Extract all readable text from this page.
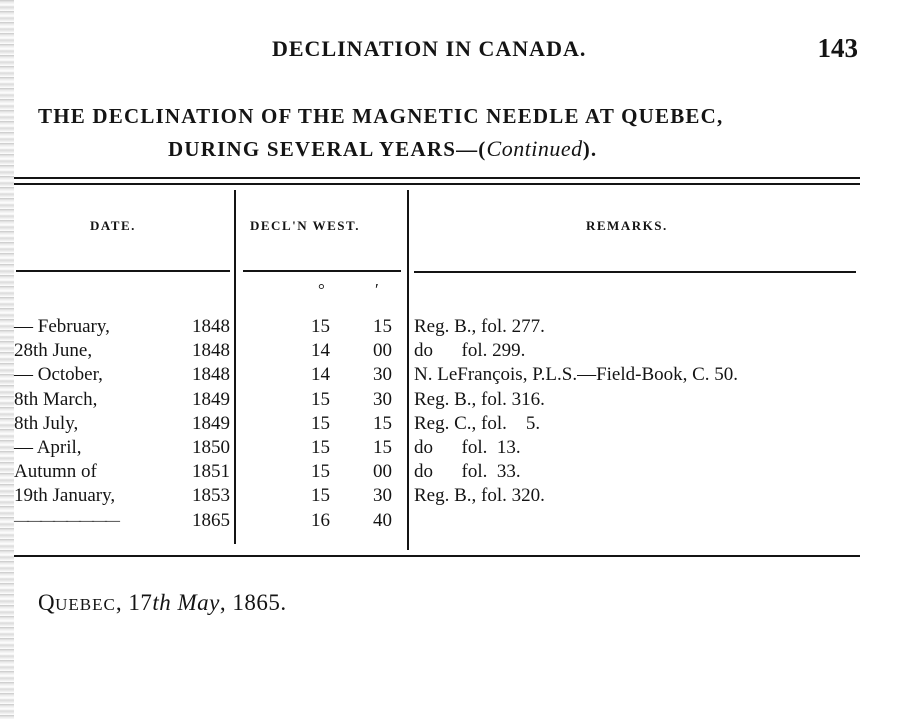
DECLINATION IN CANADA.	143
THE DECLINATION OF THE MAGNETIC NEEDLE AT QUEBEC,
DURING SEVERAL YEARS—(Continued).
DATE.	DECL'N WEST.	REMARKS.
°	′
— February,	1848	15	15 Reg. B., fol. 277.
28th June,	1848	14	00 do      fol. 299.
— October,	1848	14	30 N. LeFrançois, P.L.S.—Field-Book, C. 50.
8th March,	1849	15	30 Reg. B., fol. 316.
8th July,	1849	15	15 Reg. C., fol.    5.
— April,	1850	15	15 do      fol.  13.
Autumn of	1851	15	00 do      fol.  33.
19th January,	1853	15	30 Reg. B., fol. 320.
————————	1865	16	40
QUEBEC, 17th May, 1865.
